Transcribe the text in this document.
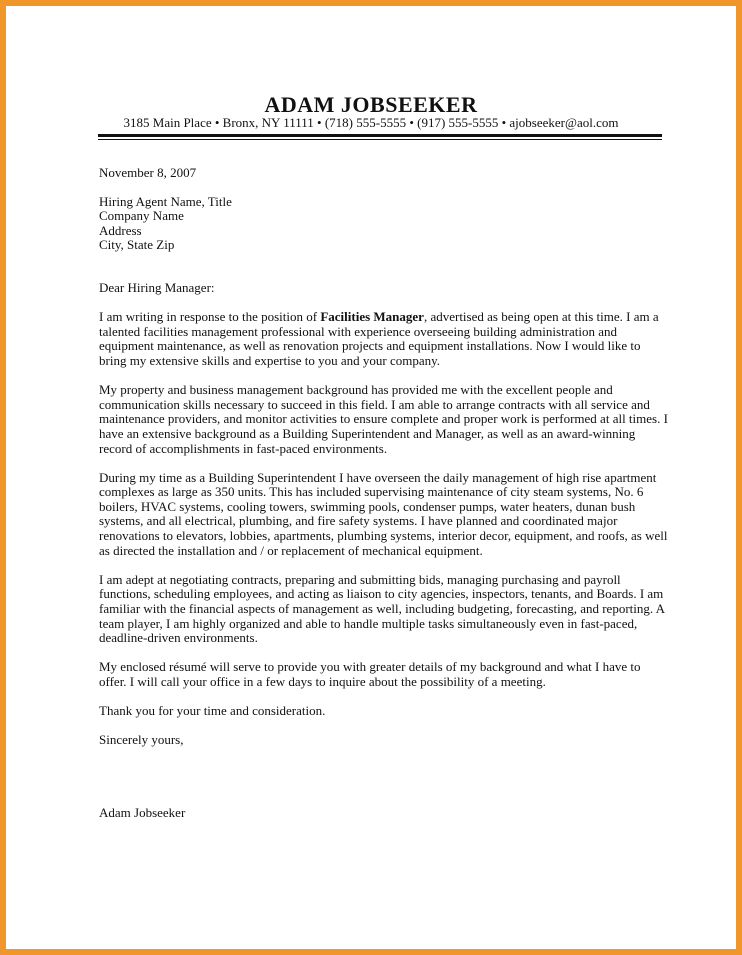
ADAM JOBSEEKER
3185 Main Place • Bronx, NY 11111 • (718) 555-5555 • (917) 555-5555 • ajobseeker@aol.com

November 8, 2007

Hiring Agent Name, Title

Company Name

Address

City, State Zip

Dear Hiring Manager:

I am writing in response to the position of Facilities Manager, advertised as being open at this time. I am a talented facilities management professional with experience overseeing building administration and equipment maintenance, as well as renovation projects and equipment installations. Now I would like to bring my extensive skills and expertise to you and your company.

My property and business management background has provided me with the excellent people and communication skills necessary to succeed in this field. I am able to arrange contracts with all service and maintenance providers, and monitor activities to ensure complete and proper work is performed at all times. I have an extensive background as a Building Superintendent and Manager, as well as an award-winning record of accomplishments in fast-paced environments.

During my time as a Building Superintendent I have overseen the daily management of high rise apartment complexes as large as 350 units. This has included supervising maintenance of city steam systems, No. 6 boilers, HVAC systems, cooling towers, swimming pools, condenser pumps, water heaters, dunan bush systems, and all electrical, plumbing, and fire safety systems. I have planned and coordinated major renovations to elevators, lobbies, apartments, plumbing systems, interior decor, equipment, and roofs, as well as directed the installation and / or replacement of mechanical equipment.

I am adept at negotiating contracts, preparing and submitting bids, managing purchasing and payroll functions, scheduling employees, and acting as liaison to city agencies, inspectors, tenants, and Boards. I am familiar with the financial aspects of management as well, including budgeting, forecasting, and reporting. A team player, I am highly organized and able to handle multiple tasks simultaneously even in fast-paced, deadline-driven environments.

My enclosed résumé will serve to provide you with greater details of my background and what I have to offer. I will call your office in a few days to inquire about the possibility of a meeting.

Thank you for your time and consideration.

Sincerely yours,

Adam Jobseeker
